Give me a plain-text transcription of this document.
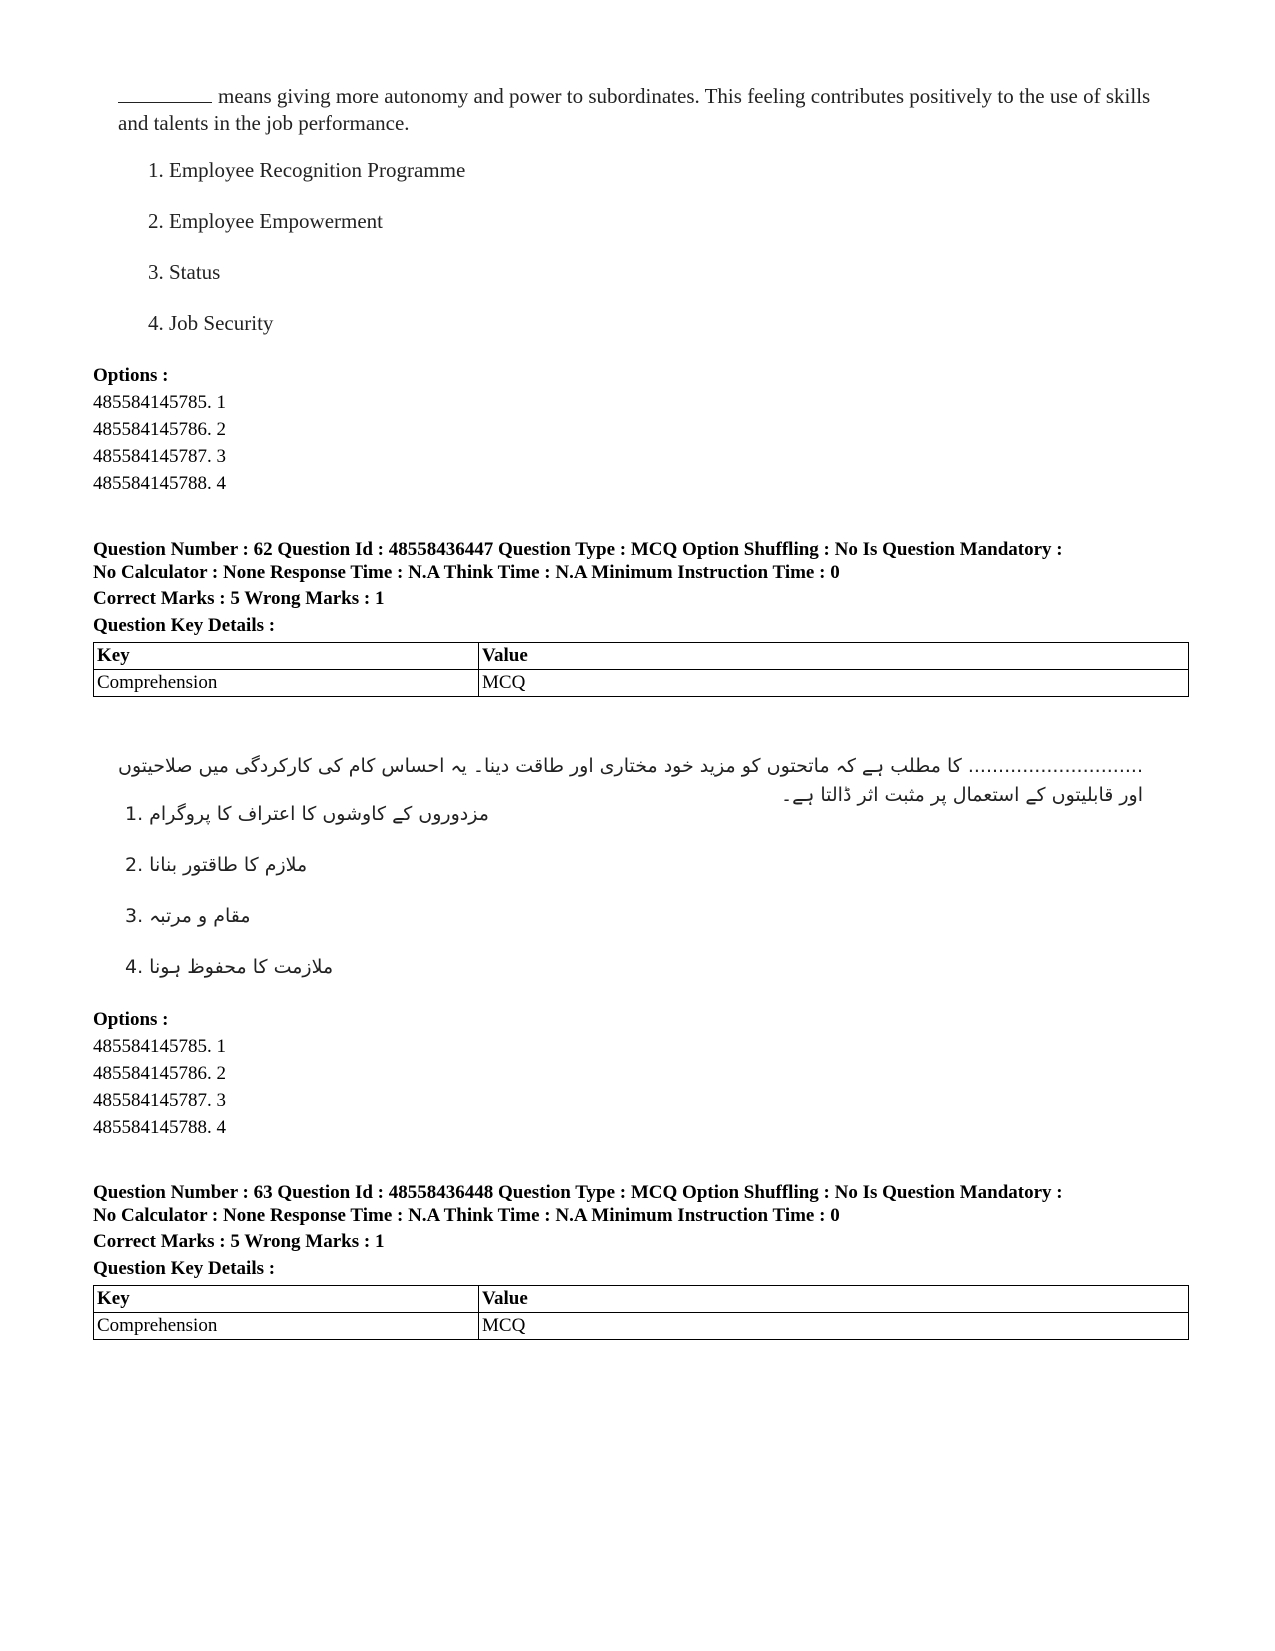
means giving more autonomy and power to subordinates. This feeling contributes positively to the use of skills and talents in the job performance.
1. Employee Recognition Programme
2. Employee Empowerment
3. Status
4. Job Security
Options :
485584145785. 1
485584145786. 2
485584145787. 3
485584145788. 4
Question Number : 62 Question Id : 48558436447 Question Type : MCQ Option Shuffling : No Is Question Mandatory :
No Calculator : None Response Time : N.A Think Time : N.A Minimum Instruction Time : 0
Correct Marks : 5 Wrong Marks : 1
Question Key Details :
Key	Value
Comprehension	MCQ
............................. کا مطلب ہے کہ ماتحتوں کو مزید خود مختاری اور طاقت دینا۔ یہ احساس کام کی کارکردگی میں صلاحیتوں اور قابلیتوں کے استعمال پر مثبت اثر ڈالتا ہے۔
مزدوروں کے کاوشوں کا اعتراف کا پروگرام .1
ملازم کا طاقتور بنانا .2
مقام و مرتبہ .3
ملازمت کا محفوظ ہونا .4
Options :
485584145785. 1
485584145786. 2
485584145787. 3
485584145788. 4
Question Number : 63 Question Id : 48558436448 Question Type : MCQ Option Shuffling : No Is Question Mandatory :
No Calculator : None Response Time : N.A Think Time : N.A Minimum Instruction Time : 0
Correct Marks : 5 Wrong Marks : 1
Question Key Details :
Key	Value
Comprehension	MCQ
